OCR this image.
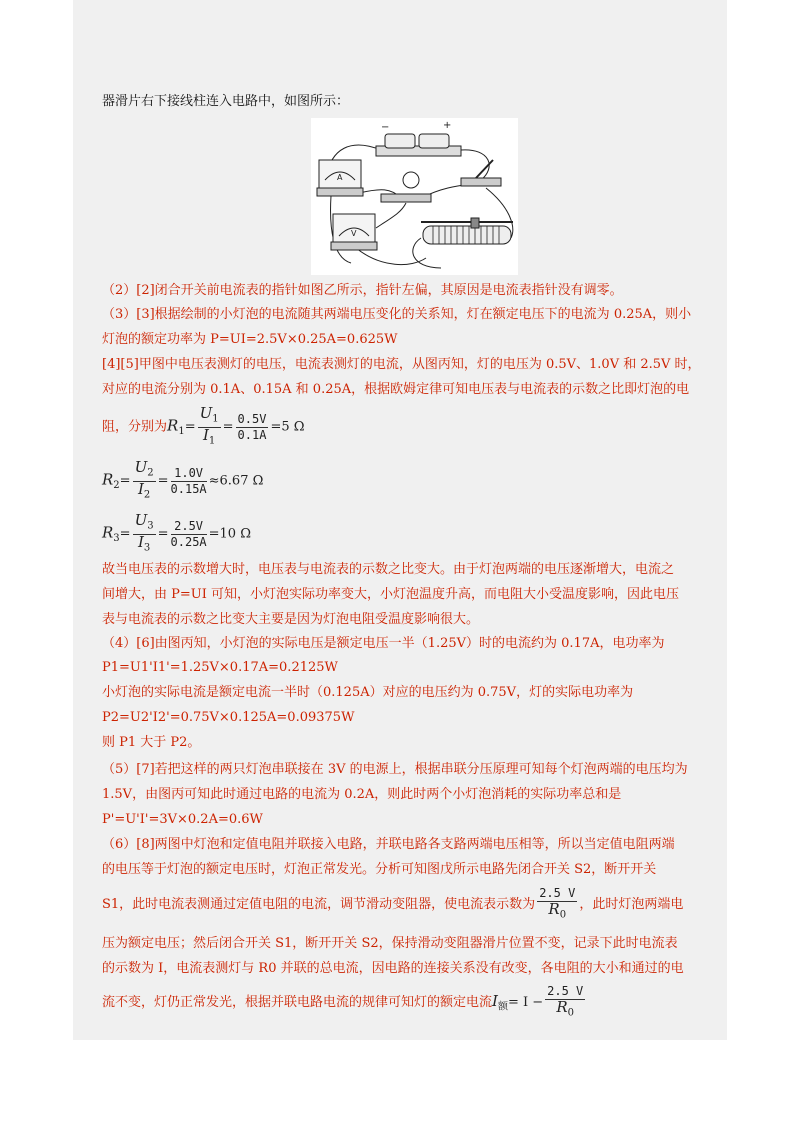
器滑片右下接线柱连入电路中，如图所示：
−	+
A
V
（2）[2]闭合开关前电流表的指针如图乙所示，指针左偏，其原因是电流表指针没有调零。
（3）[3]根据绘制的小灯泡的电流随其两端电压变化的关系知，灯在额定电压下的电流为 0.25A，则小
灯泡的额定功率为 P=UI=2.5V×0.25A=0.625W
[4][5]甲图中电压表测灯的电压，电流表测灯的电流，从图丙知，灯的电压为 0.5V、1.0V 和 2.5V 时，
对应的电流分别为 0.1A、0.15A 和 0.25A，根据欧姆定律可知电压表与电流表的示数之比即灯泡的电
阻，分别为$R_1= \frac{U_1}{I_1} = \frac{0.5V}{0.1A} =5$ Ω
$R_2= \frac{U_2}{I_2} = \frac{1.0V}{0.15A} \approx 6.67$ Ω
$R_3= \frac{U_3}{I_3} = \frac{2.5V}{0.25A} =10$ Ω
故当电压表的示数增大时，电压表与电流表的示数之比变大。由于灯泡两端的电压逐渐增大，电流之
间增大，由 P=UI 可知，小灯泡实际功率变大，小灯泡温度升高，而电阻大小受温度影响，因此电压
表与电流表的示数之比变大主要是因为灯泡电阻受温度影响很大。
（4）[6]由图丙知，小灯泡的实际电压是额定电压一半（1.25V）时的电流约为 0.17A，电功率为
P1=U1'I1'=1.25V×0.17A=0.2125W
小灯泡的实际电流是额定电流一半时（0.125A）对应的电压约为 0.75V，灯的实际电功率为
P2=U2'I2'=0.75V×0.125A=0.09375W
则 P1 大于 P2。
（5）[7]若把这样的两只灯泡串联接在 3V 的电源上，根据串联分压原理可知每个灯泡两端的电压均为
1.5V，由图丙可知此时通过电路的电流为 0.2A，则此时两个小灯泡消耗的实际功率总和是
P'=U'I'=3V×0.2A=0.6W
（6）[8]两图中灯泡和定值电阻并联接入电路，并联电路各支路两端电压相等，所以当定值电阻两端
的电压等于灯泡的额定电压时，灯泡正常发光。分析可知图戊所示电路先闭合开关 S2，断开开关
S1，此时电流表测通过定值电阻的电流，调节滑动变阻器，使电流表示数为 $\frac{2.5 V}{R_0}$ ，此时灯泡两端电
压为额定电压；然后闭合开关 S1，断开开关 S2，保持滑动变阻器滑片位置不变，记录下此时电流表
的示数为 I，电流表测灯与 R0 并联的总电流，因电路的连接关系没有改变，各电阻的大小和通过的电
流不变，灯仍正常发光，根据并联电路电流的规律可知灯的额定电流$I_额= I - \frac{2.5 V}{R_0}$
